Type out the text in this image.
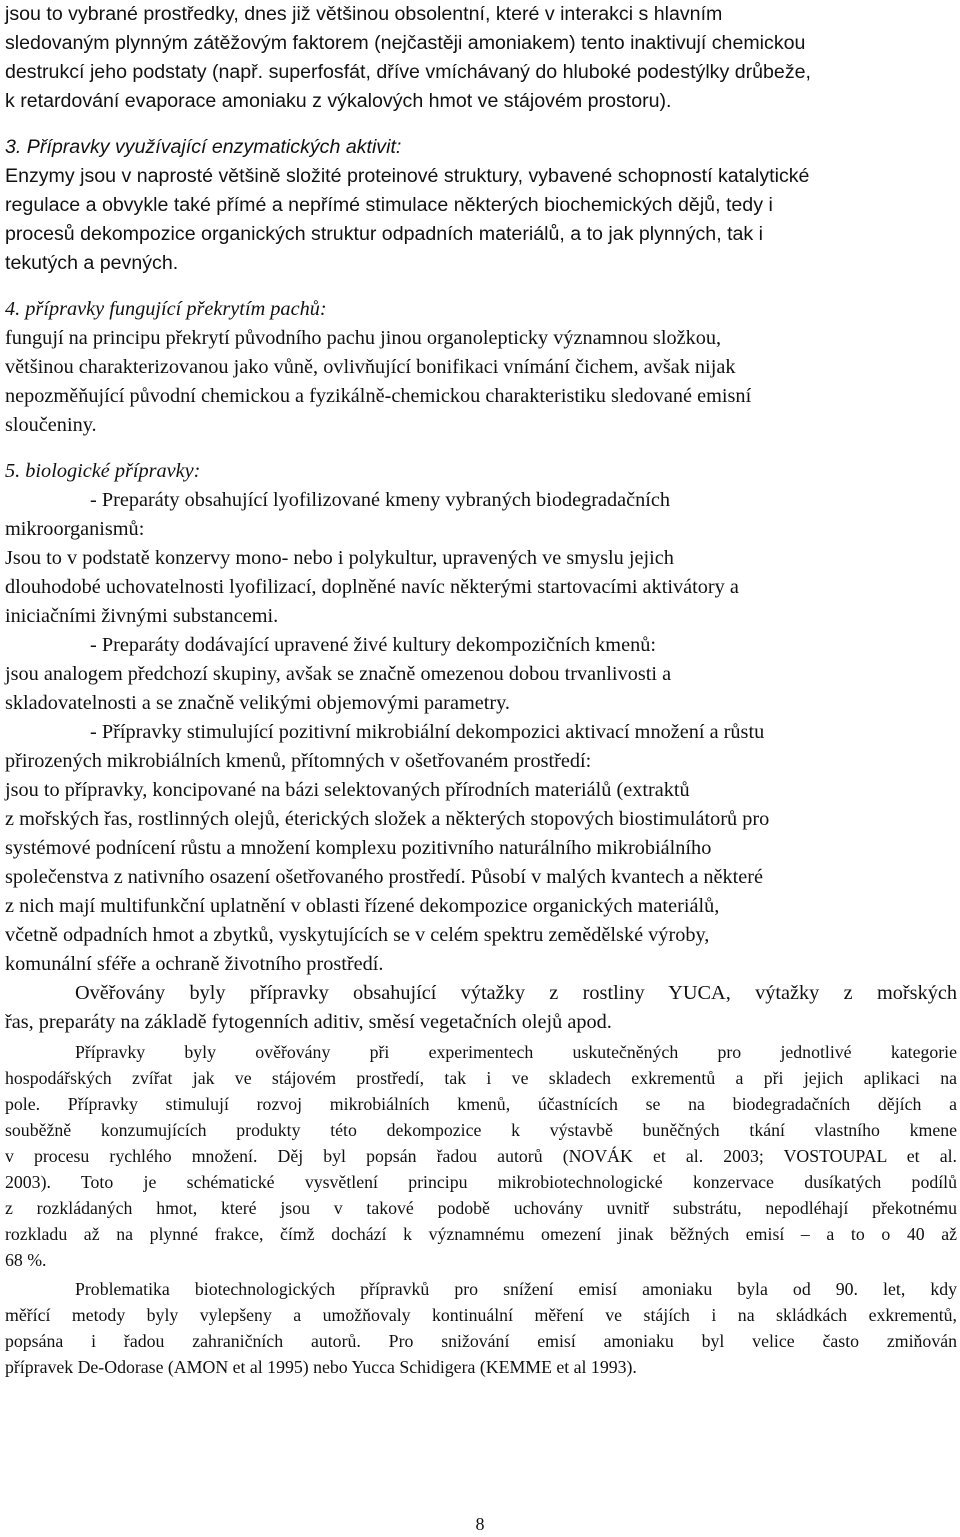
jsou to vybrané prostředky, dnes již většinou obsolentní, které v interakci s hlavním
sledovaným plynným zátěžovým faktorem (nejčastěji amoniakem) tento inaktivují chemickou
destrukcí jeho podstaty (např. superfosfát, dříve vmíchávaný do hluboké podestýlky drůbeže,
k retardování evaporace amoniaku z výkalových hmot ve stájovém prostoru).
3. Přípravky využívající enzymatických aktivit:
Enzymy jsou v naprosté většině složité proteinové struktury, vybavené schopností katalytické
regulace a obvykle také přímé a nepřímé stimulace některých biochemických dějů, tedy i
procesů dekompozice organických struktur odpadních materiálů, a to jak plynných, tak i
tekutých a pevných.
4. přípravky fungující překrytím pachů:
fungují na principu překrytí původního pachu jinou organolepticky významnou složkou,
většinou charakterizovanou jako vůně, ovlivňující bonifikaci vnímání čichem, avšak nijak
nepozměňující původní chemickou a fyzikálně-chemickou charakteristiku sledované emisní
sloučeniny.
5. biologické přípravky:
- Preparáty obsahující lyofilizované kmeny vybraných biodegradačních
mikroorganismů:
Jsou to v podstatě konzervy mono- nebo i polykultur, upravených ve smyslu jejich
dlouhodobé uchovatelnosti lyofilizací, doplněné navíc některými startovacími aktivátory a
iniciačními živnými substancemi.
- Preparáty dodávající upravené živé kultury dekompozičních kmenů:
jsou analogem předchozí skupiny, avšak se značně omezenou dobou trvanlivosti a
skladovatelnosti a se značně velikými objemovými parametry.
- Přípravky stimulující pozitivní mikrobiální dekompozici aktivací množení a růstu
přirozených mikrobiálních kmenů, přítomných v ošetřovaném prostředí:
jsou to přípravky, koncipované na bázi selektovaných přírodních materiálů (extraktů
z mořských řas, rostlinných olejů, éterických složek a některých stopových biostimulátorů pro
systémové podnícení růstu a množení komplexu pozitivního naturálního mikrobiálního
společenstva z nativního osazení ošetřovaného prostředí. Působí v malých kvantech a některé
z nich mají multifunkční uplatnění v oblasti řízené dekompozice organických materiálů,
včetně odpadních hmot a zbytků, vyskytujících se v celém spektru zemědělské výroby,
komunální sféře a ochraně životního prostředí.
Ověřovány byly přípravky obsahující výtažky z rostliny YUCA, výtažky z mořských
řas, preparáty na základě fytogenních aditiv, směsí vegetačních olejů apod.
Přípravky byly ověřovány při experimentech uskutečněných pro jednotlivé kategorie
hospodářských zvířat jak ve stájovém prostředí, tak i ve skladech exkrementů a při jejich aplikaci na
pole. Přípravky stimulují rozvoj mikrobiálních kmenů, účastnících se na biodegradačních dějích a
souběžně konzumujících produkty této dekompozice k výstavbě buněčných tkání vlastního kmene
v procesu rychlého množení. Děj byl popsán řadou autorů (NOVÁK et al. 2003; VOSTOUPAL et al.
2003). Toto je schématické vysvětlení principu mikrobiotechnologické konzervace dusíkatých podílů
z rozkládaných hmot, které jsou v takové podobě uchovány uvnitř substrátu, nepodléhají překotnému
rozkladu až na plynné frakce, čímž dochází k významnému omezení jinak běžných emisí – a to o 40 až
68 %.
Problematika biotechnologických přípravků pro snížení emisí amoniaku byla od 90. let, kdy
měřící metody byly vylepšeny a umožňovaly kontinuální měření ve stájích i na skládkách exkrementů,
popsána i řadou zahraničních autorů. Pro snižování emisí amoniaku byl velice často zmiňován
přípravek De-Odorase (AMON et al 1995) nebo Yucca Schidigera (KEMME et al 1993).
8
